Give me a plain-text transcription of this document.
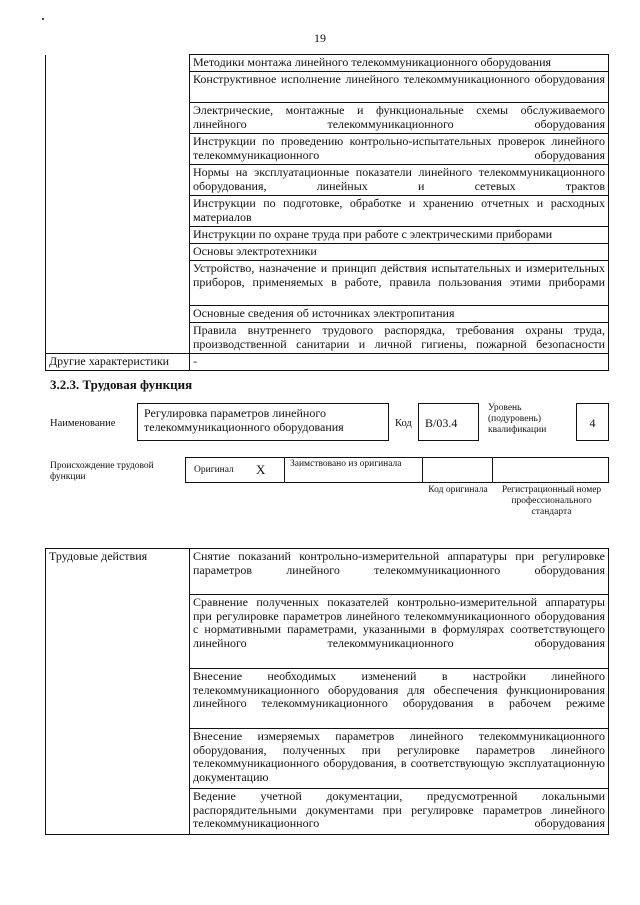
19
	Методики монтажа линейного телекоммуникационного оборудования
	Конструктивное исполнение линейного телекоммуникационного оборудования
	Электрические, монтажные и функциональные схемы обслуживаемого линейного телекоммуникационного оборудования
	Инструкции по проведению контрольно-испытательных проверок линейного телекоммуникационного оборудования
	Нормы на эксплуатационные показатели линейного телекоммуникационного оборудования, линейных и сетевых трактов
	Инструкции по подготовке, обработке и хранению отчетных и расходных материалов
	Инструкции по охране труда при работе с электрическими приборами
	Основы электротехники
	Устройство, назначение и принцип действия испытательных и измерительных приборов, применяемых в работе, правила пользования этими приборами
	Основные сведения об источниках электропитания
	Правила внутреннего трудового распорядка, требования охраны труда, производственной санитарии и личной гигиены, пожарной безопасности
Другие характеристики	-
3.2.3. Трудовая функция
Наименование
Регулировка параметров линейного телекоммуникационного оборудования	Код	B/03.4
Уровень (подуровень) квалификации	4
Происхождение трудовой функции
Оригинал X	Заимствовано из оригинала
Код оригинала	Регистрационный номер профессионального стандарта
Трудовые действия	Снятие показаний контрольно-измерительной аппаратуры при регулировке параметров линейного телекоммуникационного оборудования
Сравнение полученных показателей контрольно-измерительной аппаратуры при регулировке параметров линейного телекоммуникационного оборудования с нормативными параметрами, указанными в формулярах соответствующего линейного телекоммуникационного оборудования
Внесение необходимых изменений в настройки линейного телекоммуникационного оборудования для обеспечения функционирования линейного телекоммуникационного оборудования в рабочем режиме
Внесение измеряемых параметров линейного телекоммуникационного оборудования, полученных при регулировке параметров линейного телекоммуникационного оборудования, в соответствующую эксплуатационную документацию
Ведение учетной документации, предусмотренной локальными распорядительными документами при регулировке параметров линейного телекоммуникационного оборудования
